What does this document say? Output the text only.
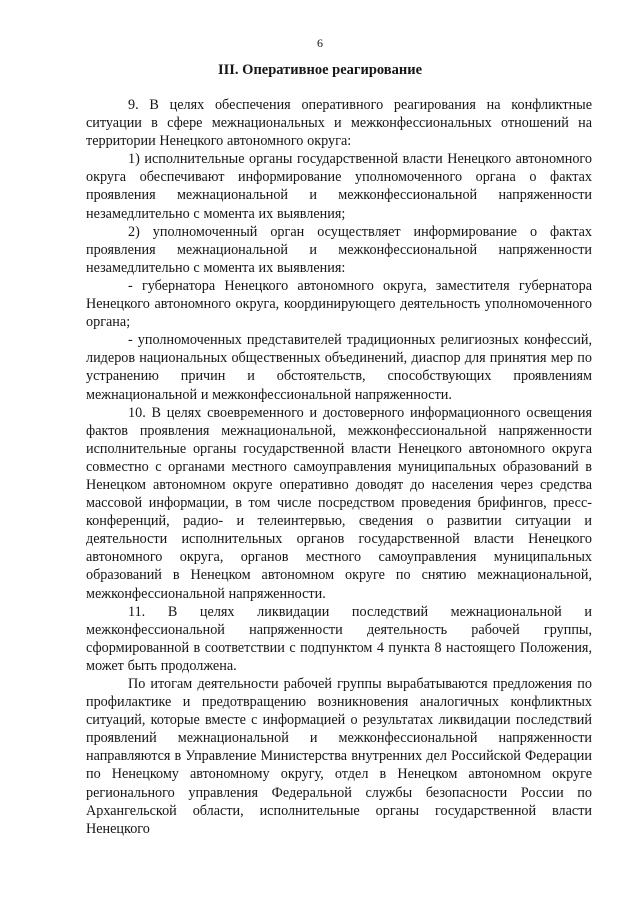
6
III. Оперативное реагирование

9. В целях обеспечения оперативного реагирования на конфликтные ситуации в сфере межнациональных и межконфессиональных отношений на территории Ненецкого автономного округа:

1) исполнительные органы государственной власти Ненецкого автономного округа обеспечивают информирование уполномоченного органа о фактах проявления межнациональной и межконфессиональной напряженности незамедлительно с момента их выявления;

2) уполномоченный орган осуществляет информирование о фактах проявления межнациональной и межконфессиональной напряженности незамедлительно с момента их выявления:

- губернатора Ненецкого автономного округа, заместителя губернатора Ненецкого автономного округа, координирующего деятельность уполномоченного органа;

- уполномоченных представителей традиционных религиозных конфессий, лидеров национальных общественных объединений, диаспор для принятия мер по устранению причин и обстоятельств, способствующих проявлениям межнациональной и межконфессиональной напряженности.

10. В целях своевременного и достоверного информационного освещения фактов проявления межнациональной, межконфессиональной напряженности исполнительные органы государственной власти Ненецкого автономного округа совместно с органами местного самоуправления муниципальных образований в Ненецком автономном округе оперативно доводят до населения через средства массовой информации, в том числе посредством проведения брифингов, пресс-конференций, радио- и телеинтервью, сведения о развитии ситуации и деятельности исполнительных органов государственной власти Ненецкого автономного округа, органов местного самоуправления муниципальных образований в Ненецком автономном округе по снятию межнациональной, межконфессиональной напряженности.

11. В целях ликвидации последствий межнациональной и межконфессиональной напряженности деятельность рабочей группы, сформированной в соответствии с подпунктом 4 пункта 8 настоящего Положения, может быть продолжена.

По итогам деятельности рабочей группы вырабатываются предложения по профилактике и предотвращению возникновения аналогичных конфликтных ситуаций, которые вместе с информацией о результатах ликвидации последствий проявлений межнациональной и межконфессиональной напряженности направляются в Управление Министерства внутренних дел Российской Федерации по Ненецкому автономному округу, отдел в Ненецком автономном округе регионального управления Федеральной службы безопасности России по Архангельской области, исполнительные органы государственной власти Ненецкого
